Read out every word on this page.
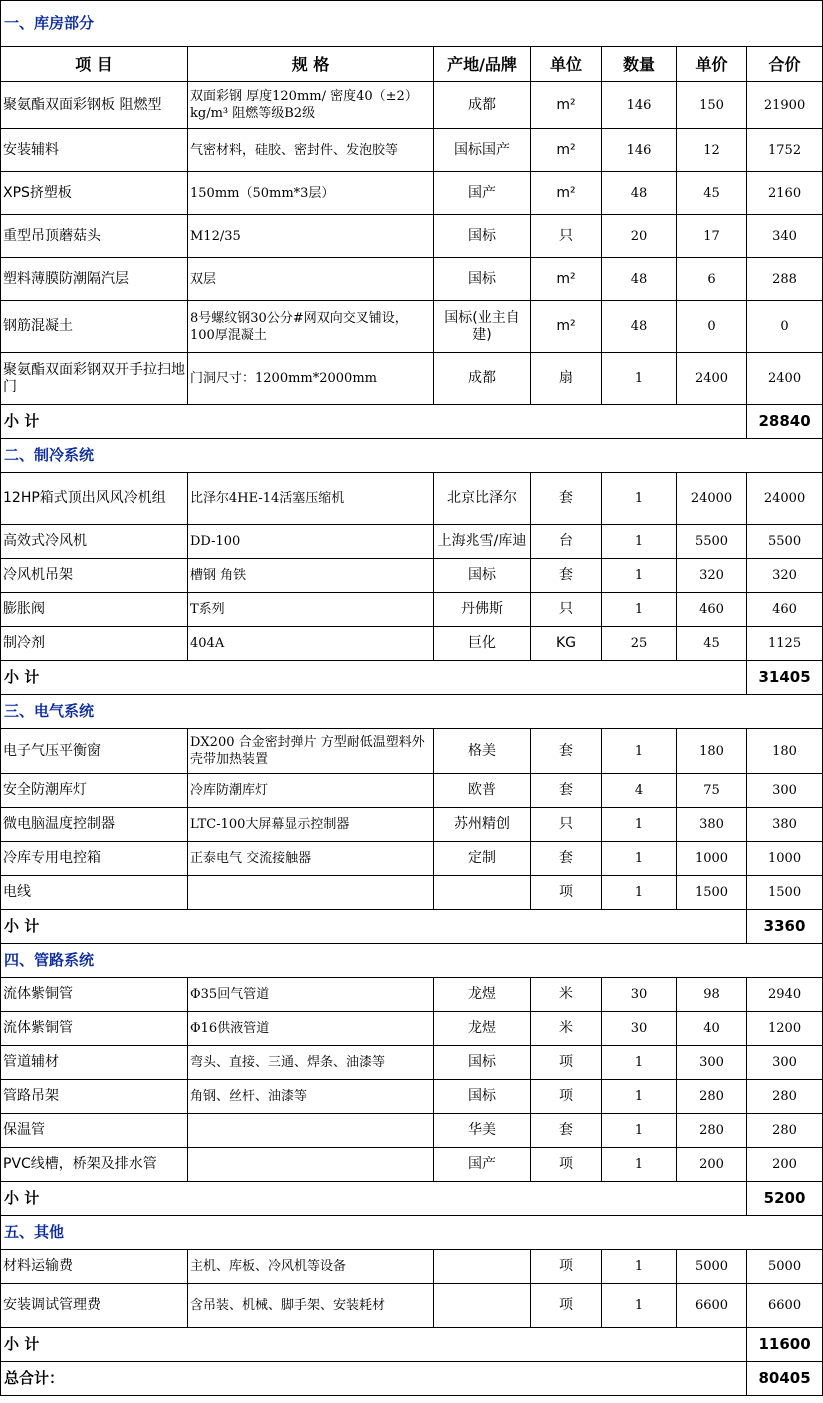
一、库房部分						
项 目	规 格	产地/品牌	单位	数量	单价	合价
聚氨酯双面彩钢板 阻燃型	双面彩钢 厚度120mm/ 密度40（±2）kg/m³ 阻燃等级B2级	成都	m²	146	150	21900
安装辅料	气密材料，硅胶、密封件、发泡胶等	国标国产	m²	146	12	1752
XPS挤塑板	150mm（50mm*3层）	国产	m²	48	45	2160
重型吊顶蘑菇头	M12/35	国标	只	20	17	340
塑料薄膜防潮隔汽层	双层	国标	m²	48	6	288
钢筋混凝土	8号螺纹钢30公分#网双向交叉铺设，100厚混凝土	国标(业主自建)	m²	48	0	0
聚氨酯双面彩钢双开手拉扫地门	门洞尺寸：1200mm*2000mm	成都	扇	1	2400	2400
小 计						28840
二、制冷系统						
12HP箱式顶出风风冷机组	比泽尔4HE-14活塞压缩机	北京比泽尔	套	1	24000	24000
高效式冷风机	DD-100	上海兆雪/库迪	台	1	5500	5500
冷风机吊架	槽钢 角铁	国标	套	1	320	320
膨胀阀	T系列	丹佛斯	只	1	460	460
制冷剂	404A	巨化	KG	25	45	1125
小 计						31405
三、电气系统						
电子气压平衡窗	DX200 合金密封弹片 方型耐低温塑料外壳带加热装置	格美	套	1	180	180
安全防潮库灯	冷库防潮库灯	欧普	套	4	75	300
微电脑温度控制器	LTC-100大屏幕显示控制器	苏州精创	只	1	380	380
冷库专用电控箱	正泰电气 交流接触器	定制	套	1	1000	1000
电线			项	1	1500	1500
小 计						3360
四、管路系统						
流体紫铜管	Φ35回气管道	龙煜	米	30	98	2940
流体紫铜管	Φ16供液管道	龙煜	米	30	40	1200
管道辅材	弯头、直接、三通、焊条、油漆等	国标	项	1	300	300
管路吊架	角钢、丝杆、油漆等	国标	项	1	280	280
保温管		华美	套	1	280	280
PVC线槽，桥架及排水管		国产	项	1	200	200
小 计						5200
五、其他						
材料运输费	主机、库板、冷风机等设备		项	1	5000	5000
安装调试管理费	含吊装、机械、脚手架、安装耗材		项	1	6600	6600
小 计						11600
总合计：						80405
